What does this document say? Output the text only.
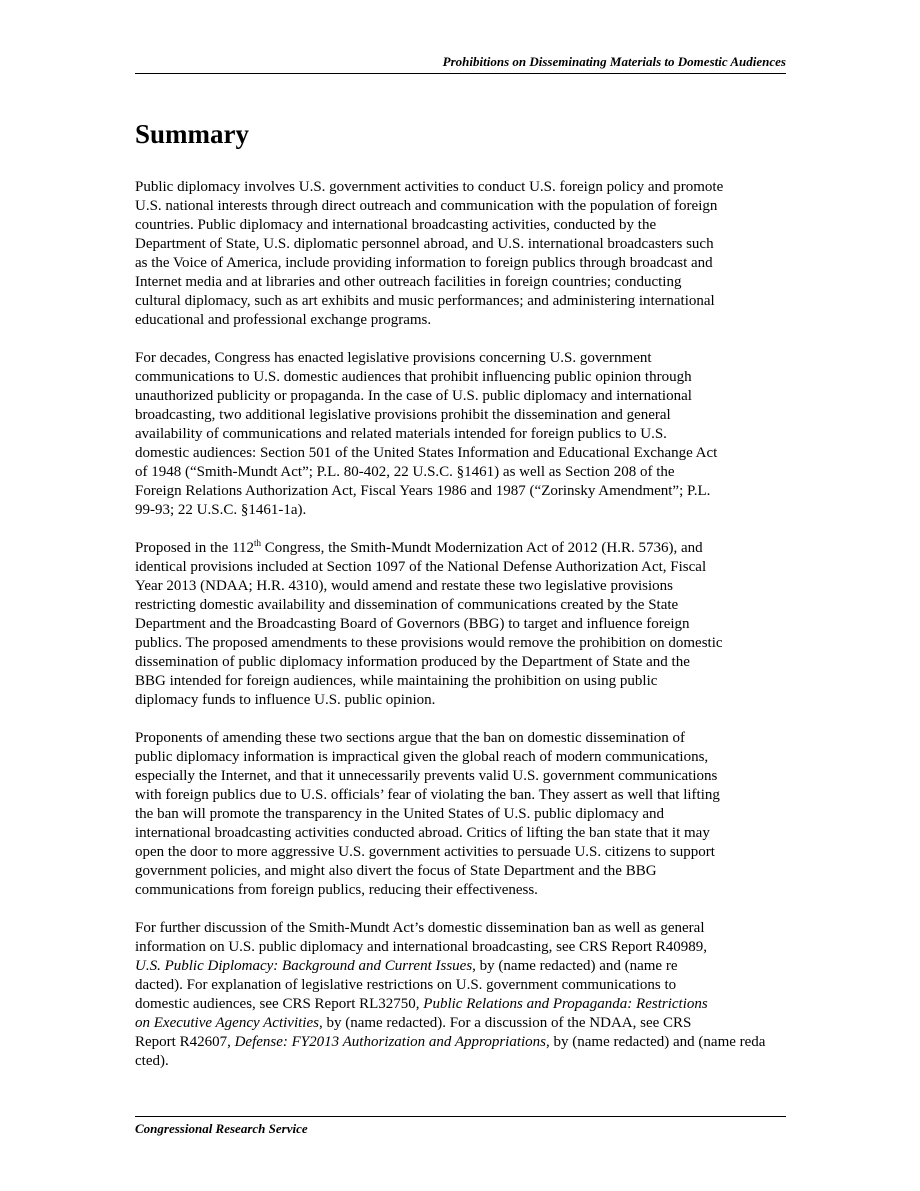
Prohibitions on Disseminating Materials to Domestic Audiences
Summary

Public diplomacy involves U.S. government activities to conduct U.S. foreign policy and promote
U.S. national interests through direct outreach and communication with the population of foreign
countries. Public diplomacy and international broadcasting activities, conducted by the
Department of State, U.S. diplomatic personnel abroad, and U.S. international broadcasters such
as the Voice of America, include providing information to foreign publics through broadcast and
Internet media and at libraries and other outreach facilities in foreign countries; conducting
cultural diplomacy, such as art exhibits and music performances; and administering international
educational and professional exchange programs.

For decades, Congress has enacted legislative provisions concerning U.S. government
communications to U.S. domestic audiences that prohibit influencing public opinion through
unauthorized publicity or propaganda. In the case of U.S. public diplomacy and international
broadcasting, two additional legislative provisions prohibit the dissemination and general
availability of communications and related materials intended for foreign publics to U.S.
domestic audiences: Section 501 of the United States Information and Educational Exchange Act
of 1948 (“Smith-Mundt Act”; P.L. 80-402, 22 U.S.C. §1461) as well as Section 208 of the
Foreign Relations Authorization Act, Fiscal Years 1986 and 1987 (“Zorinsky Amendment”; P.L.
99-93; 22 U.S.C. §1461-1a).

Proposed in the 112th Congress, the Smith-Mundt Modernization Act of 2012 (H.R. 5736), and
identical provisions included at Section 1097 of the National Defense Authorization Act, Fiscal
Year 2013 (NDAA; H.R. 4310), would amend and restate these two legislative provisions
restricting domestic availability and dissemination of communications created by the State
Department and the Broadcasting Board of Governors (BBG) to target and influence foreign
publics. The proposed amendments to these provisions would remove the prohibition on domestic
dissemination of public diplomacy information produced by the Department of State and the
BBG intended for foreign audiences, while maintaining the prohibition on using public
diplomacy funds to influence U.S. public opinion.

Proponents of amending these two sections argue that the ban on domestic dissemination of
public diplomacy information is impractical given the global reach of modern communications,
especially the Internet, and that it unnecessarily prevents valid U.S. government communications
with foreign publics due to U.S. officials’ fear of violating the ban. They assert as well that lifting
the ban will promote the transparency in the United States of U.S. public diplomacy and
international broadcasting activities conducted abroad. Critics of lifting the ban state that it may
open the door to more aggressive U.S. government activities to persuade U.S. citizens to support
government policies, and might also divert the focus of State Department and the BBG
communications from foreign publics, reducing their effectiveness.

For further discussion of the Smith-Mundt Act’s domestic dissemination ban as well as general
information on U.S. public diplomacy and international broadcasting, see CRS Report R40989,
U.S. Public Diplomacy: Background and Current Issues, by (name redacted) and (name re
dacted). For explanation of legislative restrictions on U.S. government communications to
domestic audiences, see CRS Report RL32750, Public Relations and Propaganda: Restrictions
on Executive Agency Activities, by (name redacted). For a discussion of the NDAA, see CRS
Report R42607, Defense: FY2013 Authorization and Appropriations, by (name redacted) and (name reda
cted).

Congressional Research Service
